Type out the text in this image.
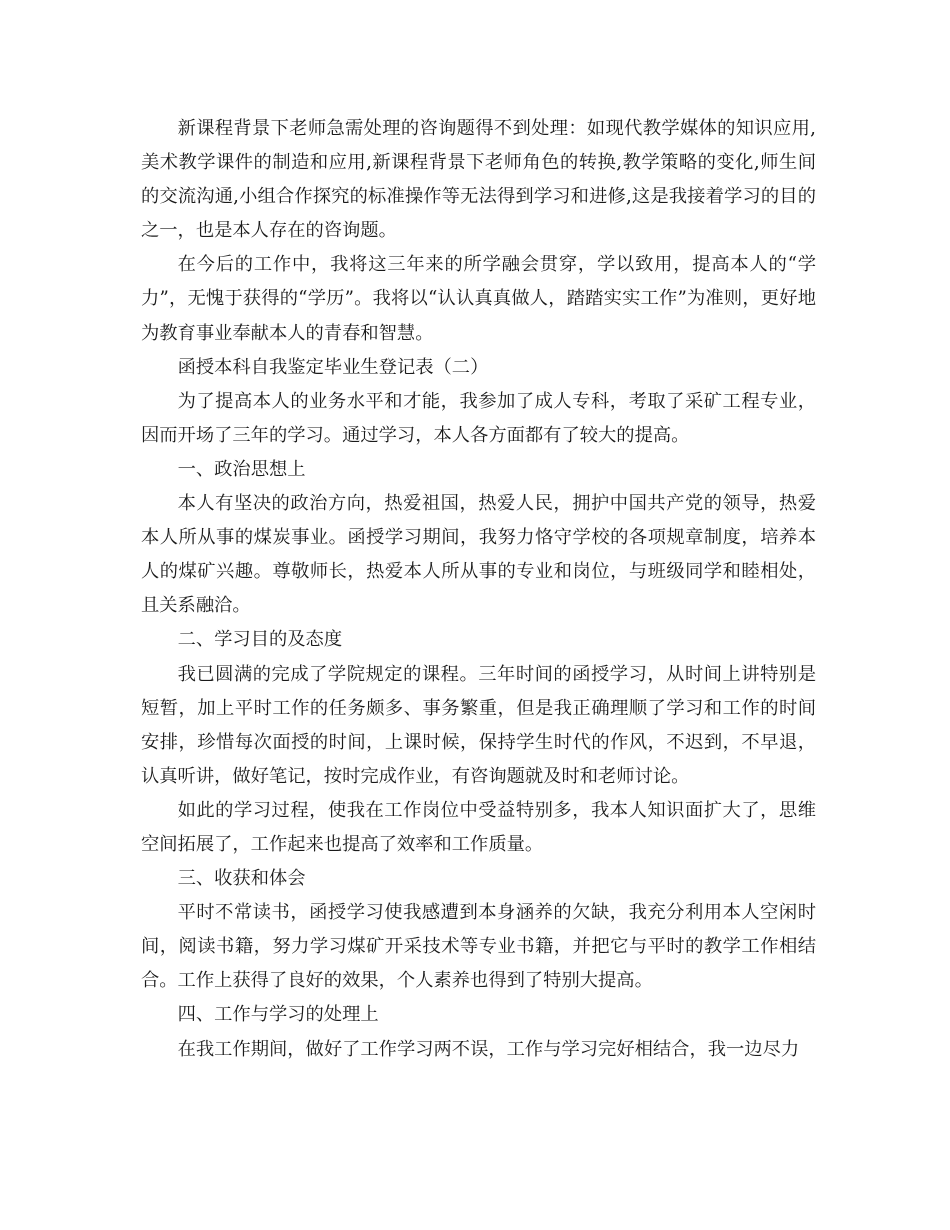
新课程背景下老师急需处理的咨询题得不到处理：如现代教学媒体的知识应用,美术教学课件的制造和应用,新课程背景下老师角色的转换,教学策略的变化,师生间的交流沟通,小组合作探究的标准操作等无法得到学习和进修,这是我接着学习的目的之一，也是本人存在的咨询题。

在今后的工作中，我将这三年来的所学融会贯穿，学以致用，提高本人的“学力”，无愧于获得的“学历”。我将以“认认真真做人，踏踏实实工作”为准则，更好地为教育事业奉献本人的青春和智慧。

函授本科自我鉴定毕业生登记表（二）

为了提高本人的业务水平和才能，我参加了成人专科，考取了采矿工程专业，因而开场了三年的学习。通过学习，本人各方面都有了较大的提高。

一、政治思想上

本人有坚决的政治方向，热爱祖国，热爱人民，拥护中国共产党的领导，热爱本人所从事的煤炭事业。函授学习期间，我努力恪守学校的各项规章制度，培养本人的煤矿兴趣。尊敬师长，热爱本人所从事的专业和岗位，与班级同学和睦相处，且关系融洽。

二、学习目的及态度

我已圆满的完成了学院规定的课程。三年时间的函授学习，从时间上讲特别是短暂，加上平时工作的任务颇多、事务繁重，但是我正确理顺了学习和工作的时间安排，珍惜每次面授的时间，上课时候，保持学生时代的作风，不迟到，不早退，认真听讲，做好笔记，按时完成作业，有咨询题就及时和老师讨论。

如此的学习过程，使我在工作岗位中受益特别多，我本人知识面扩大了，思维空间拓展了，工作起来也提高了效率和工作质量。

三、收获和体会

平时不常读书，函授学习使我感遭到本身涵养的欠缺，我充分利用本人空闲时间，阅读书籍，努力学习煤矿开采技术等专业书籍，并把它与平时的教学工作相结合。工作上获得了良好的效果，个人素养也得到了特别大提高。

四、工作与学习的处理上

在我工作期间，做好了工作学习两不误，工作与学习完好相结合，我一边尽力
